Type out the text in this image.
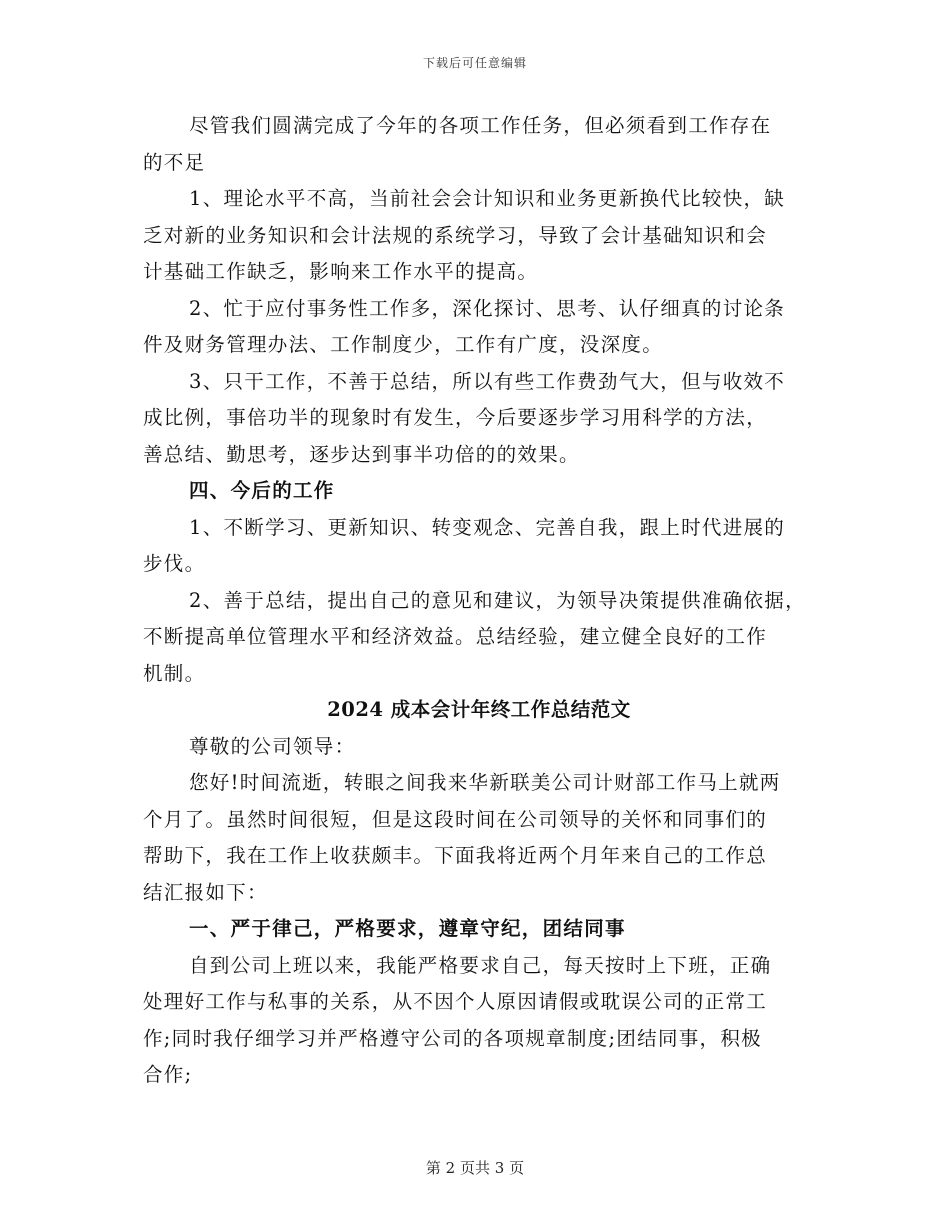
下载后可任意编辑
尽管我们圆满完成了今年的各项工作任务，但必须看到工作存在
的不足
1、理论水平不高，当前社会会计知识和业务更新换代比较快，缺
乏对新的业务知识和会计法规的系统学习，导致了会计基础知识和会
计基础工作缺乏，影响来工作水平的提高。
2、忙于应付事务性工作多，深化探讨、思考、认仔细真的讨论条
件及财务管理办法、工作制度少，工作有广度，没深度。
3、只干工作，不善于总结，所以有些工作费劲气大，但与收效不
成比例，事倍功半的现象时有发生，今后要逐步学习用科学的方法，
善总结、勤思考，逐步达到事半功倍的的效果。
四、今后的工作
1、不断学习、更新知识、转变观念、完善自我，跟上时代进展的
步伐。
2、善于总结，提出自己的意见和建议，为领导决策提供准确依据，
不断提高单位管理水平和经济效益。总结经验，建立健全良好的工作
机制。
2024 成本会计年终工作总结范文
尊敬的公司领导：
您好!时间流逝，转眼之间我来华新联美公司计财部工作马上就两
个月了。虽然时间很短，但是这段时间在公司领导的关怀和同事们的
帮助下，我在工作上收获颇丰。下面我将近两个月年来自己的工作总
结汇报如下：
一、严于律己，严格要求，遵章守纪，团结同事
自到公司上班以来，我能严格要求自己，每天按时上下班，正确
处理好工作与私事的关系，从不因个人原因请假或耽误公司的正常工
作;同时我仔细学习并严格遵守公司的各项规章制度;团结同事，积极
合作;
第 2 页共 3 页
